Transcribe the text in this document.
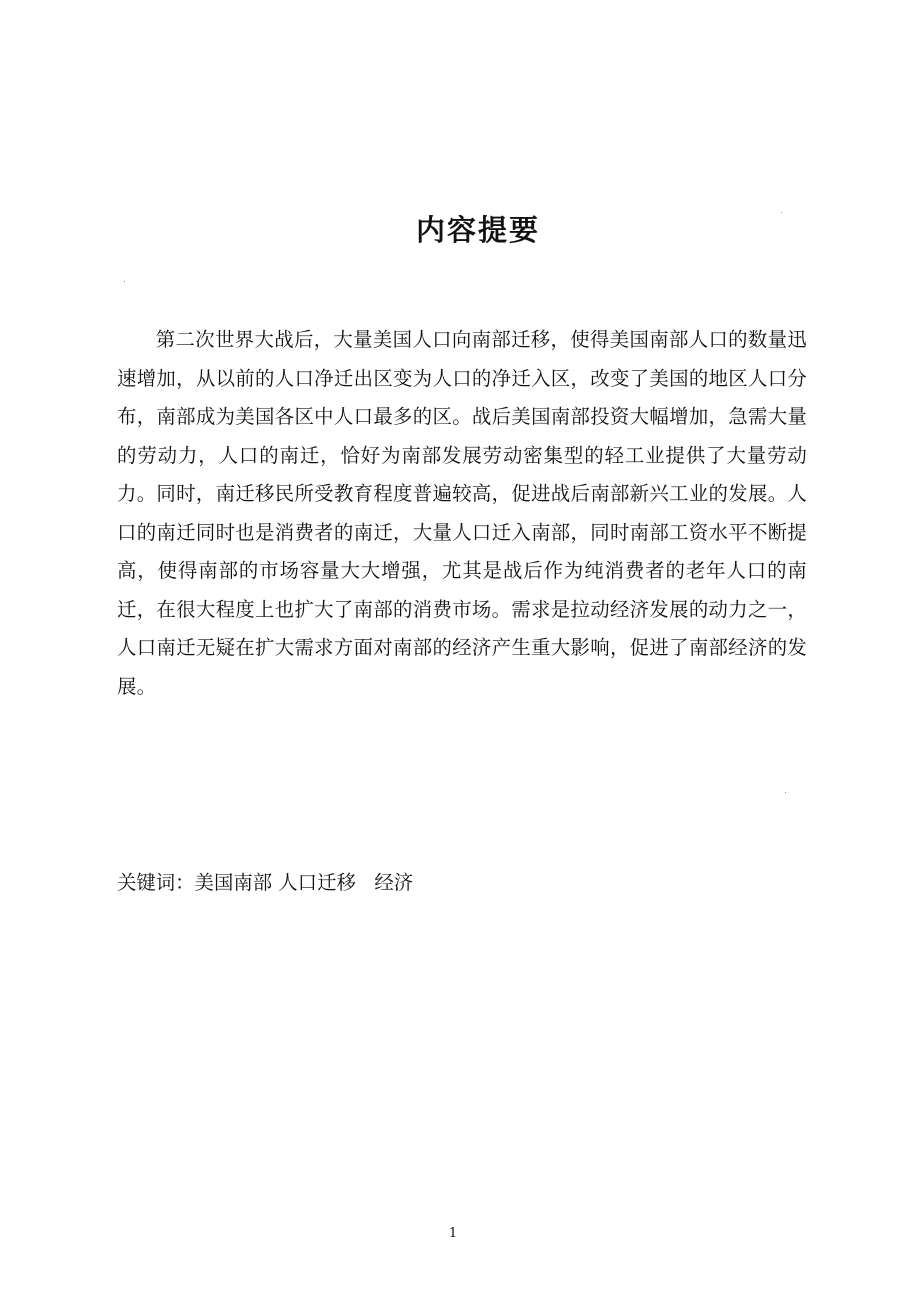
内容提要
第二次世界大战后，大量美国人口向南部迁移，使得美国南部人口的数量迅速增加，从以前的人口净迁出区变为人口的净迁入区，改变了美国的地区人口分布，南部成为美国各区中人口最多的区。战后美国南部投资大幅增加，急需大量的劳动力，人口的南迁，恰好为南部发展劳动密集型的轻工业提供了大量劳动力。同时，南迁移民所受教育程度普遍较高，促进战后南部新兴工业的发展。人口的南迁同时也是消费者的南迁，大量人口迁入南部，同时南部工资水平不断提高，使得南部的市场容量大大增强，尤其是战后作为纯消费者的老年人口的南迁，在很大程度上也扩大了南部的消费市场。需求是拉动经济发展的动力之一，人口南迁无疑在扩大需求方面对南部的经济产生重大影响，促进了南部经济的发展。
关键词：美国南部 人口迁移   经济
1
